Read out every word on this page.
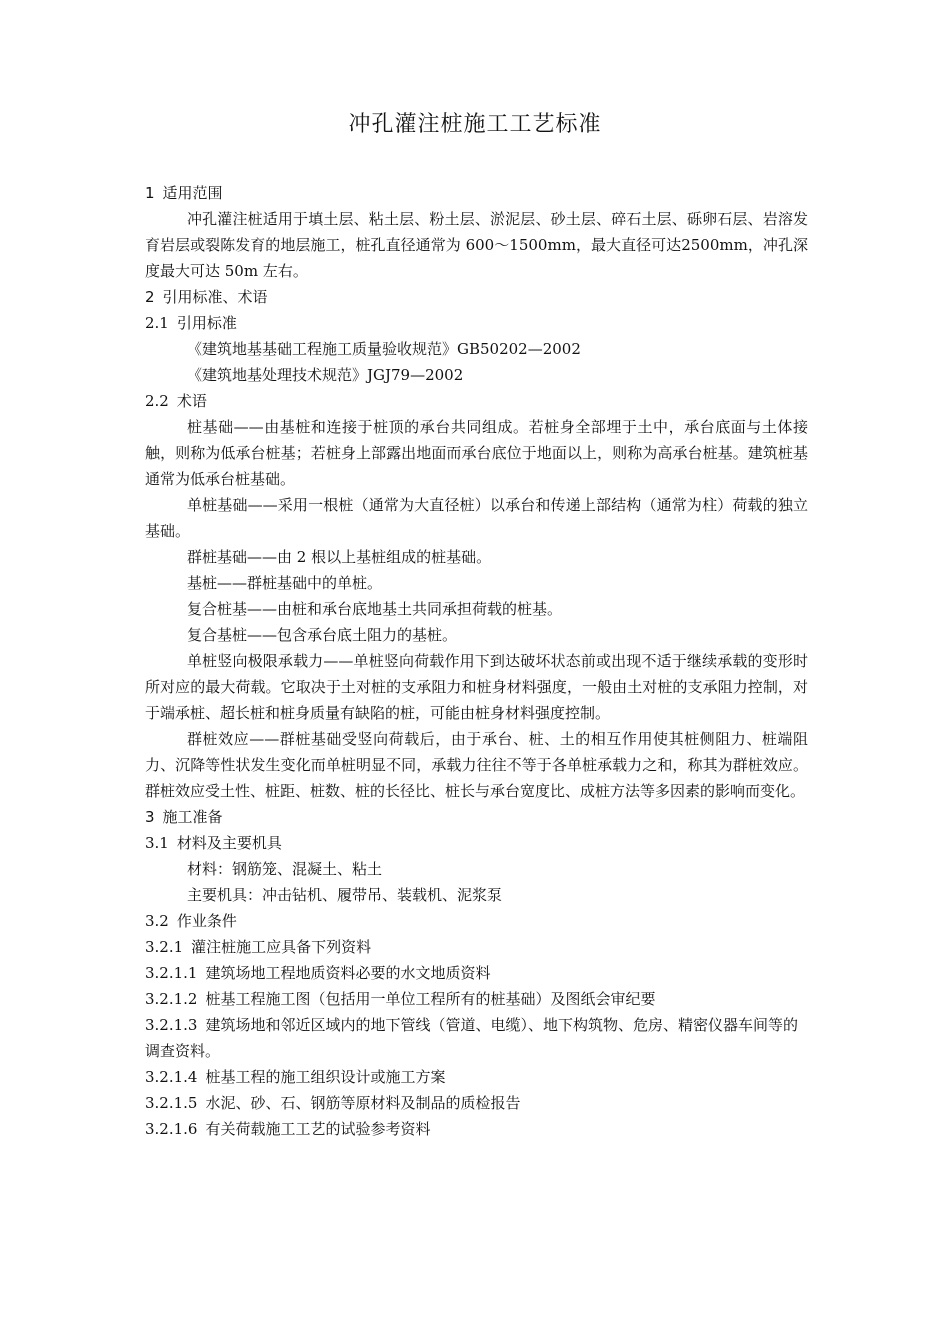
冲孔灌注桩施工工艺标准

1 适用范围

冲孔灌注桩适用于填土层、粘土层、粉土层、淤泥层、砂土层、碎石土层、砾卵石层、岩溶发育岩层或裂陈发育的地层施工，桩孔直径通常为 600～1500mm，最大直径可达2500mm，冲孔深度最大可达 50m 左右。

2 引用标准、术语

2.1 引用标准

《建筑地基基础工程施工质量验收规范》GB50202—2002

《建筑地基处理技术规范》JGJ79—2002

2.2 术语

桩基础——由基桩和连接于桩顶的承台共同组成。若桩身全部埋于土中，承台底面与土体接触，则称为低承台桩基；若桩身上部露出地面而承台底位于地面以上，则称为高承台桩基。建筑桩基通常为低承台桩基础。

单桩基础——采用一根桩（通常为大直径桩）以承台和传递上部结构（通常为柱）荷载的独立基础。

群桩基础——由 2 根以上基桩组成的桩基础。

基桩——群桩基础中的单桩。

复合桩基——由桩和承台底地基土共同承担荷载的桩基。

复合基桩——包含承台底土阻力的基桩。

单桩竖向极限承载力——单桩竖向荷载作用下到达破坏状态前或出现不适于继续承载的变形时所对应的最大荷载。它取决于土对桩的支承阻力和桩身材料强度，一般由土对桩的支承阻力控制，对于端承桩、超长桩和桩身质量有缺陷的桩，可能由桩身材料强度控制。

群桩效应——群桩基础受竖向荷载后，由于承台、桩、土的相互作用使其桩侧阻力、桩端阻力、沉降等性状发生变化而单桩明显不同，承载力往往不等于各单桩承载力之和，称其为群桩效应。群桩效应受土性、桩距、桩数、桩的长径比、桩长与承台宽度比、成桩方法等多因素的影响而变化。

3 施工准备

3.1 材料及主要机具

材料：钢筋笼、混凝土、粘土

主要机具：冲击钻机、履带吊、装载机、泥浆泵

3.2 作业条件

3.2.1 灌注桩施工应具备下列资料

3.2.1.1 建筑场地工程地质资料必要的水文地质资料

3.2.1.2 桩基工程施工图（包括用一单位工程所有的桩基础）及图纸会审纪要

3.2.1.3 建筑场地和邻近区域内的地下管线（管道、电缆）、地下构筑物、危房、精密仪器车间等的调查资料。

3.2.1.4 桩基工程的施工组织设计或施工方案

3.2.1.5 水泥、砂、石、钢筋等原材料及制品的质检报告

3.2.1.6 有关荷载施工工艺的试验参考资料
